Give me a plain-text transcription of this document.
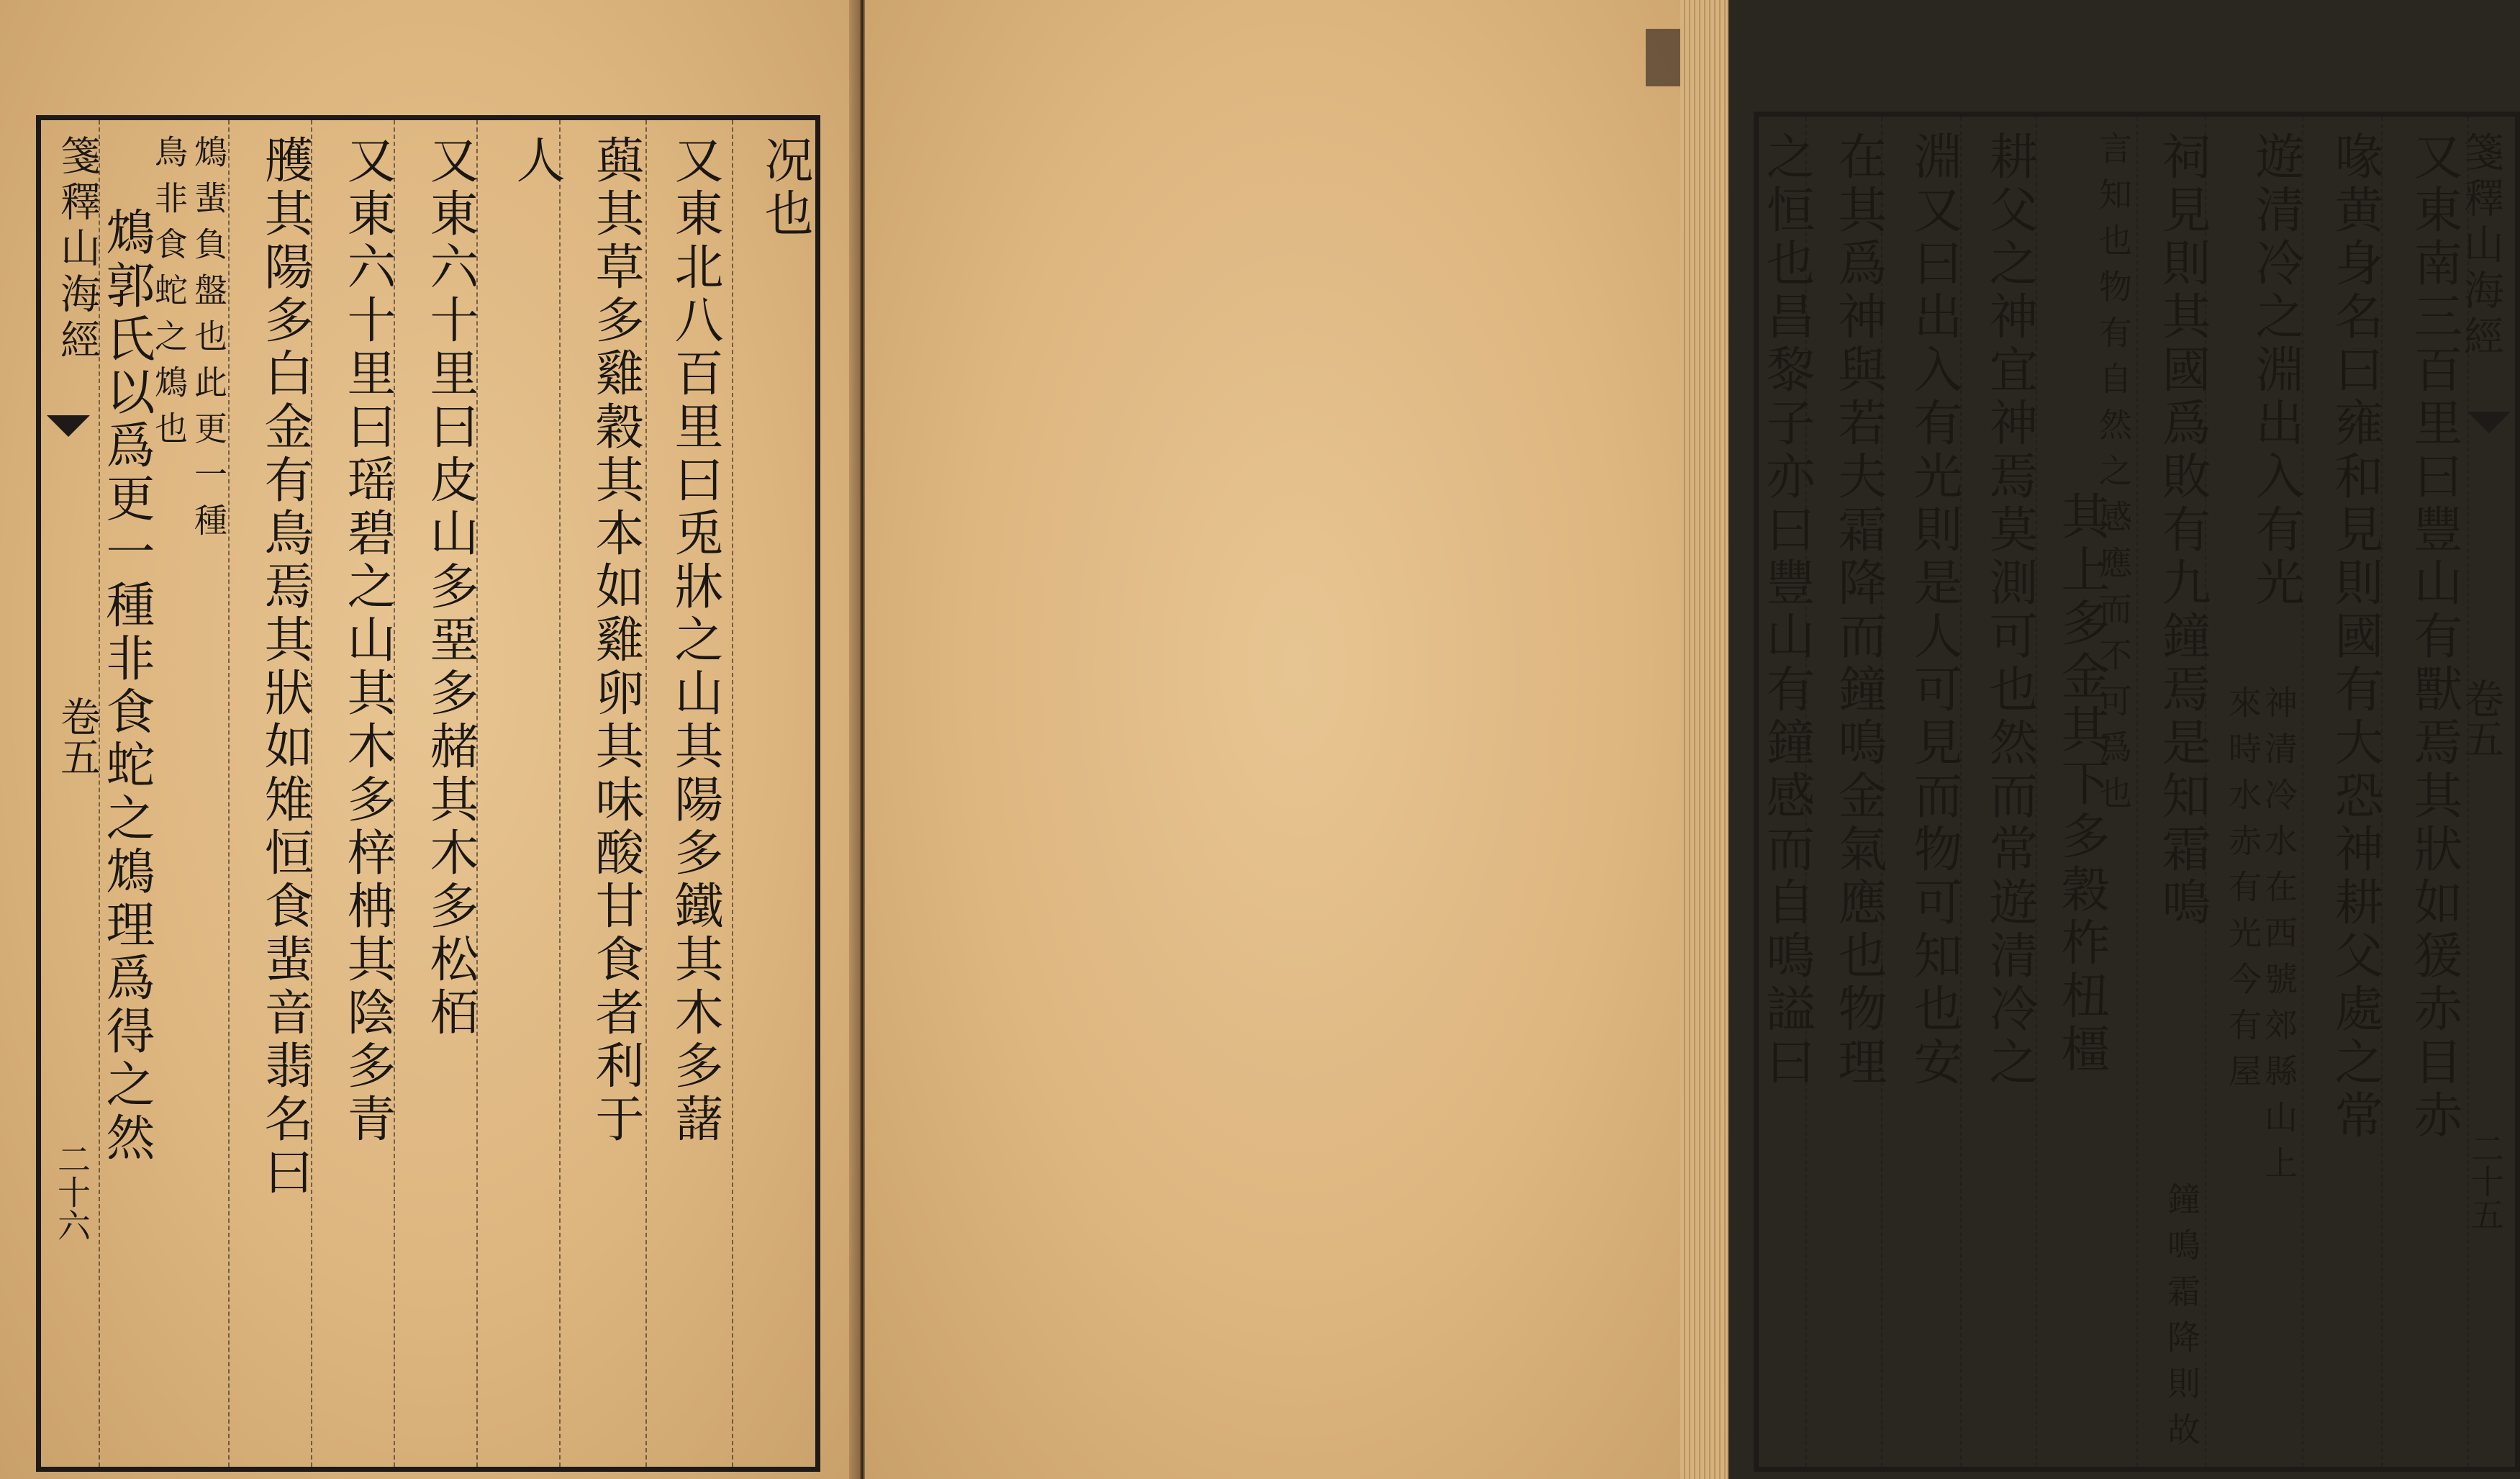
箋釋山海經
卷五
二十六
况也
又東北八百里曰兎牀之山其陽多鐵其木多藷
藇其草多雞穀其本如雞卵其味酸甘食者利于
人
又東六十里曰皮山多堊多赭其木多松栢
又東六十里曰瑶碧之山其木多梓柟其陰多青
雘其陽多白金有鳥焉其狀如雉恒食蜚音翡名曰
鴆蜚負盤也此更一種
鳥非食蛇之鴆也
鴆郭氏以爲更一種非食蛇之鴆理爲得之然	箋釋山海經
卷五
二十五
又東南三百里曰豐山有獸焉其狀如猨赤目赤
喙黄身名曰雍和見則國有大恐神耕父處之常
遊清冷之淵出入有光
神清冷水在西號郊縣山上
來時水赤有光今有屋
祠見則其國爲敗有九鐘焉是知霜鳴
鐘鳴霜降則故
言知也物有自然之感應而不可爲也
其上多金其下多穀柞杻橿
耕父之神宜神焉莫測可也然而常遊清冷之
淵又曰出入有光則是人可見而物可知也安
在其爲神與若夫霜降而鐘鳴金氣應也物理
之恒也昌黎子亦曰豐山有鐘感而自鳴謚曰
